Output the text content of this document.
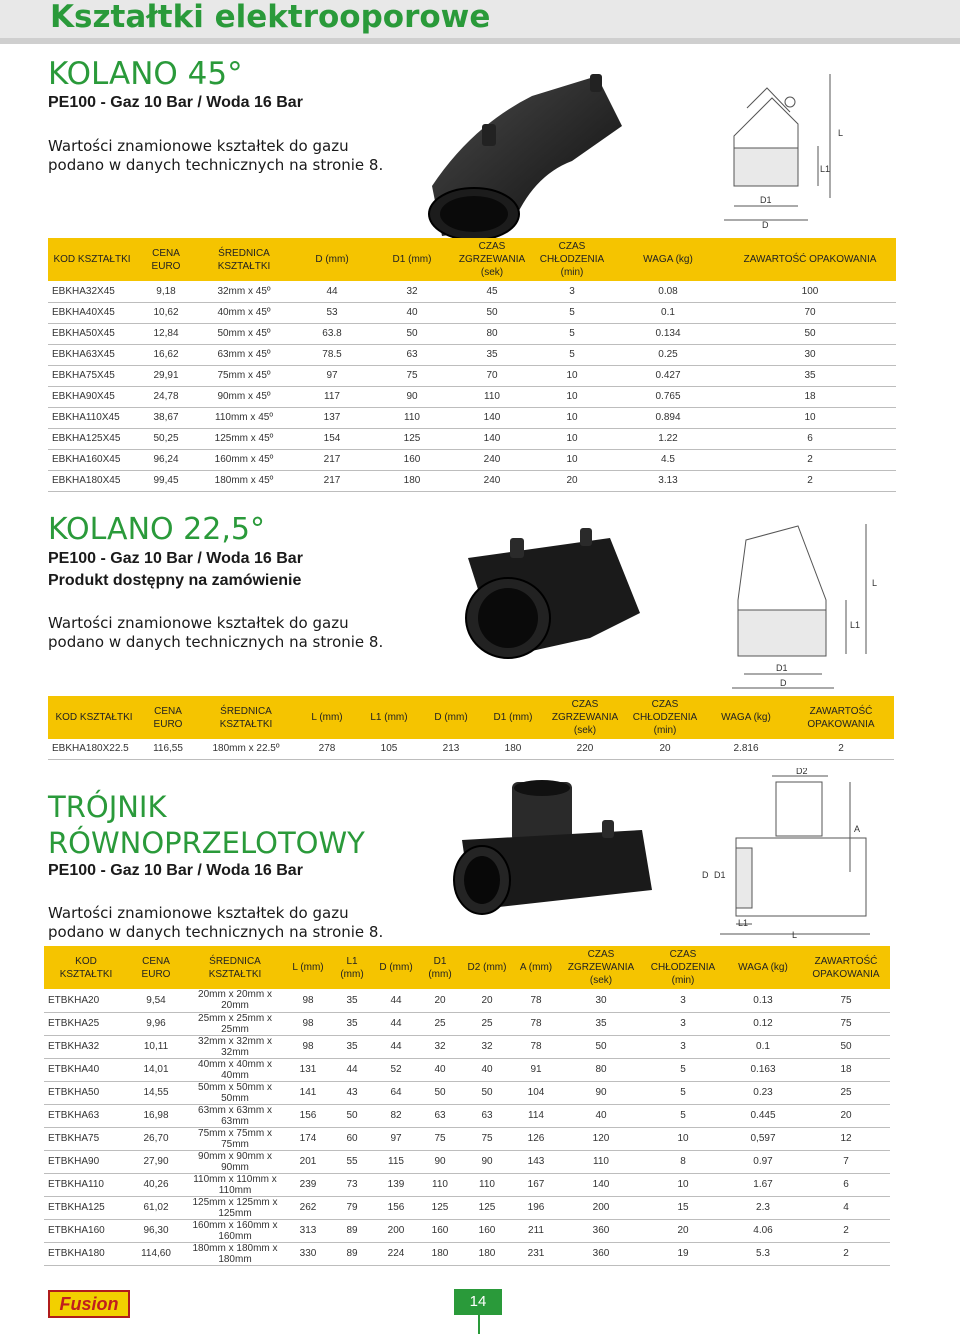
Kształtki elektrooporowe
KOLANO 45°
PE100 - Gaz 10 Bar / Woda 16 Bar
Wartości znamionowe kształtek do gazu
podano w danych technicznych na stronie 8.
L
L1
D1
D
KOD KSZTAŁTKI	CENA EURO	ŚREDNICA KSZTAŁTKI	D (mm)	D1 (mm)	CZAS ZGRZEWANIA (sek)	CZAS CHŁODZENIA (min)	WAGA (kg)	ZAWARTOŚĆ OPAKOWANIA
EBKHA32X45	9,18	32mm x 45º	44	32	45	3	0.08	100
EBKHA40X45	10,62	40mm x 45º	53	40	50	5	0.1	70
EBKHA50X45	12,84	50mm x 45º	63.8	50	80	5	0.134	50
EBKHA63X45	16,62	63mm x 45º	78.5	63	35	5	0.25	30
EBKHA75X45	29,91	75mm x 45º	97	75	70	10	0.427	35
EBKHA90X45	24,78	90mm x 45º	117	90	110	10	0.765	18
EBKHA110X45	38,67	110mm x 45º	137	110	140	10	0.894	10
EBKHA125X45	50,25	125mm x 45º	154	125	140	10	1.22	6
EBKHA160X45	96,24	160mm x 45º	217	160	240	10	4.5	2
EBKHA180X45	99,45	180mm x 45º	217	180	240	20	3.13	2
KOLANO 22,5°
PE100 - Gaz 10 Bar / Woda 16 Bar
Produkt dostępny na zamówienie
Wartości znamionowe kształtek do gazu
podano w danych technicznych na stronie 8.
L
L1
D1
D
KOD KSZTAŁTKI	CENA EURO	ŚREDNICA KSZTAŁTKI	L (mm)	L1 (mm)	D (mm)	D1 (mm)	CZAS ZGRZEWANIA (sek)	CZAS CHŁODZENIA (min)	WAGA (kg)	ZAWARTOŚĆ OPAKOWANIA
EBKHA180X22.5	116,55	180mm x 22.5º	278	105	213	180	220	20	2.816	2
TRÓJNIK
RÓWNOPRZELOTOWY
PE100 - Gaz 10 Bar / Woda 16 Bar
Wartości znamionowe kształtek do gazu
podano w danych technicznych na stronie 8.
D2
A
D D1
L1
L
KOD KSZTAŁTKI	CENA EURO	ŚREDNICA KSZTAŁTKI	L (mm)	L1 (mm)	D (mm)	D1 (mm)	D2 (mm)	A (mm)	CZAS ZGRZEWANIA (sek)	CZAS CHŁODZENIA (min)	WAGA (kg)	ZAWARTOŚĆ OPAKOWANIA
ETBKHA20	9,54	20mm x 20mm x 20mm	98	35	44	20	20	78	30	3	0.13	75
ETBKHA25	9,96	25mm x 25mm x 25mm	98	35	44	25	25	78	35	3	0.12	75
ETBKHA32	10,11	32mm x 32mm x 32mm	98	35	44	32	32	78	50	3	0.1	50
ETBKHA40	14,01	40mm x 40mm x 40mm	131	44	52	40	40	91	80	5	0.163	18
ETBKHA50	14,55	50mm x 50mm x 50mm	141	43	64	50	50	104	90	5	0.23	25
ETBKHA63	16,98	63mm x 63mm x 63mm	156	50	82	63	63	114	40	5	0.445	20
ETBKHA75	26,70	75mm x 75mm x 75mm	174	60	97	75	75	126	120	10	0,597	12
ETBKHA90	27,90	90mm x 90mm x 90mm	201	55	115	90	90	143	110	8	0.97	7
ETBKHA110	40,26	110mm x 110mm x 110mm	239	73	139	110	110	167	140	10	1.67	6
ETBKHA125	61,02	125mm x 125mm x 125mm	262	79	156	125	125	196	200	15	2.3	4
ETBKHA160	96,30	160mm x 160mm x 160mm	313	89	200	160	160	211	360	20	4.06	2
ETBKHA180	114,60	180mm x 180mm x 180mm	330	89	224	180	180	231	360	19	5.3	2
Fusion	14
